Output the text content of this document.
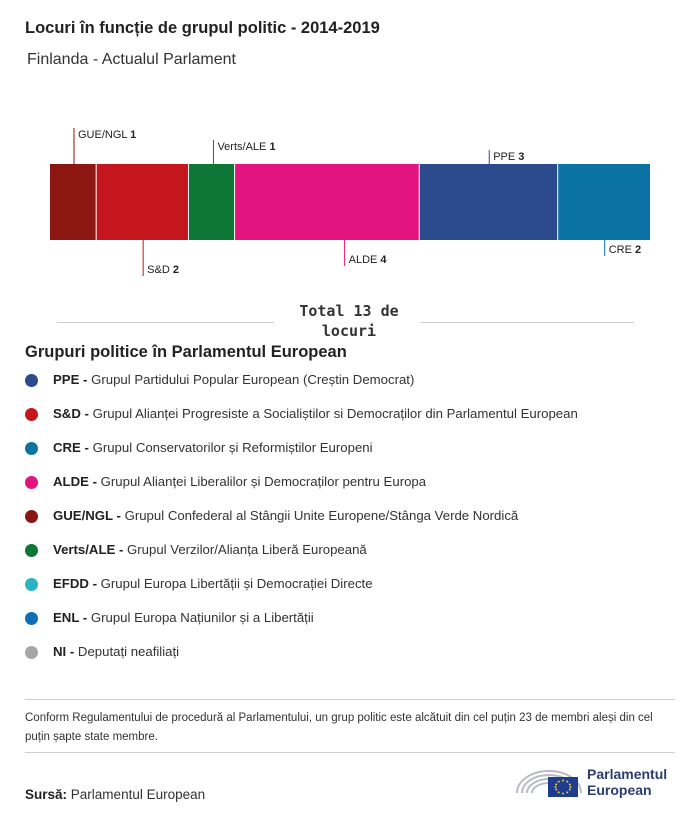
Locuri în funcție de grupul politic - 2014-2019
Finlanda - Actualul Parlament
GUE/NGL 1
S&D 2
Verts/ALE 1
ALDE 4
PPE 3
CRE 2
Total 13 de locuri
Grupuri politice în Parlamentul European
PPE - Grupul Partidului Popular European (Creștin Democrat)
S&D - Grupul Alianței Progresiste a Socialiștilor si Democraților din Parlamentul European
CRE - Grupul Conservatorilor și Reformiștilor Europeni
ALDE - Grupul Alianței Liberalilor și Democraților pentru Europa
GUE/NGL - Grupul Confederal al Stângii Unite Europene/Stânga Verde Nordică
Verts/ALE - Grupul Verzilor/Alianța Liberă Europeană
EFDD - Grupul Europa Libertății și Democrației Directe
ENL - Grupul Europa Națiunilor și a Libertății
NI - Deputați neafiliați
Conform Regulamentului de procedură al Parlamentului, un grup politic este alcătuit din cel puțin 23 de membri aleși din cel puțin șapte state membre.
Sursă: Parlamentul European
Parlamentul
European
